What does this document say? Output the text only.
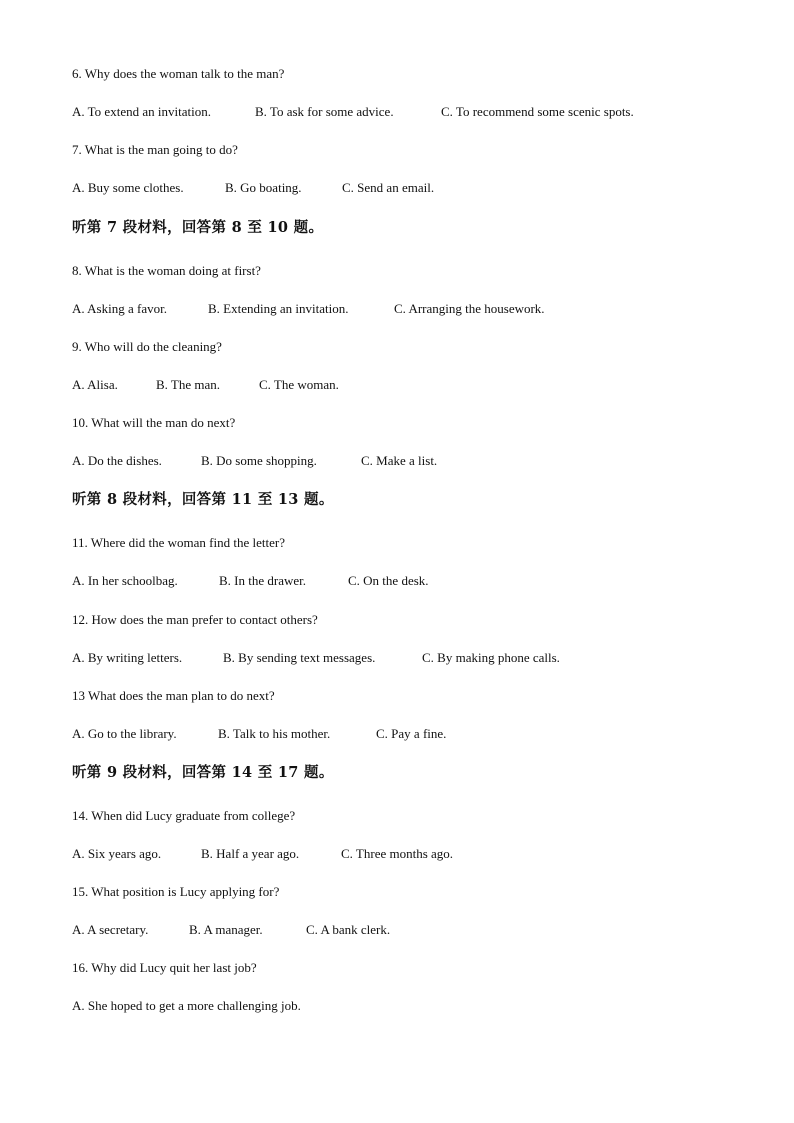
6. Why does the woman talk to the man?
A. To extend an invitation.	B. To ask for some advice.	C. To recommend some scenic spots.
7. What is the man going to do?
A. Buy some clothes.	B. Go boating.	C. Send an email.
听第 7 段材料，回答第 8 至 10 题。
8. What is the woman doing at first?
A. Asking a favor.	B. Extending an invitation.	C. Arranging the housework.
9. Who will do the cleaning?
A. Alisa.	B. The man.	C. The woman.
10. What will the man do next?
A. Do the dishes.	B. Do some shopping.	C. Make a list.
听第 8 段材料，回答第 11 至 13 题。
11. Where did the woman find the letter?
A. In her schoolbag.	B. In the drawer.	C. On the desk.
12. How does the man prefer to contact others?
A. By writing letters.	B. By sending text messages.	C. By making phone calls.
13 What does the man plan to do next?
A. Go to the library.	B. Talk to his mother.	C. Pay a fine.
听第 9 段材料，回答第 14 至 17 题。
14. When did Lucy graduate from college?
A. Six years ago.	B. Half a year ago.	C. Three months ago.
15. What position is Lucy applying for?
A. A secretary.	B. A manager.	C. A bank clerk.
16. Why did Lucy quit her last job?
A. She hoped to get a more challenging job.
